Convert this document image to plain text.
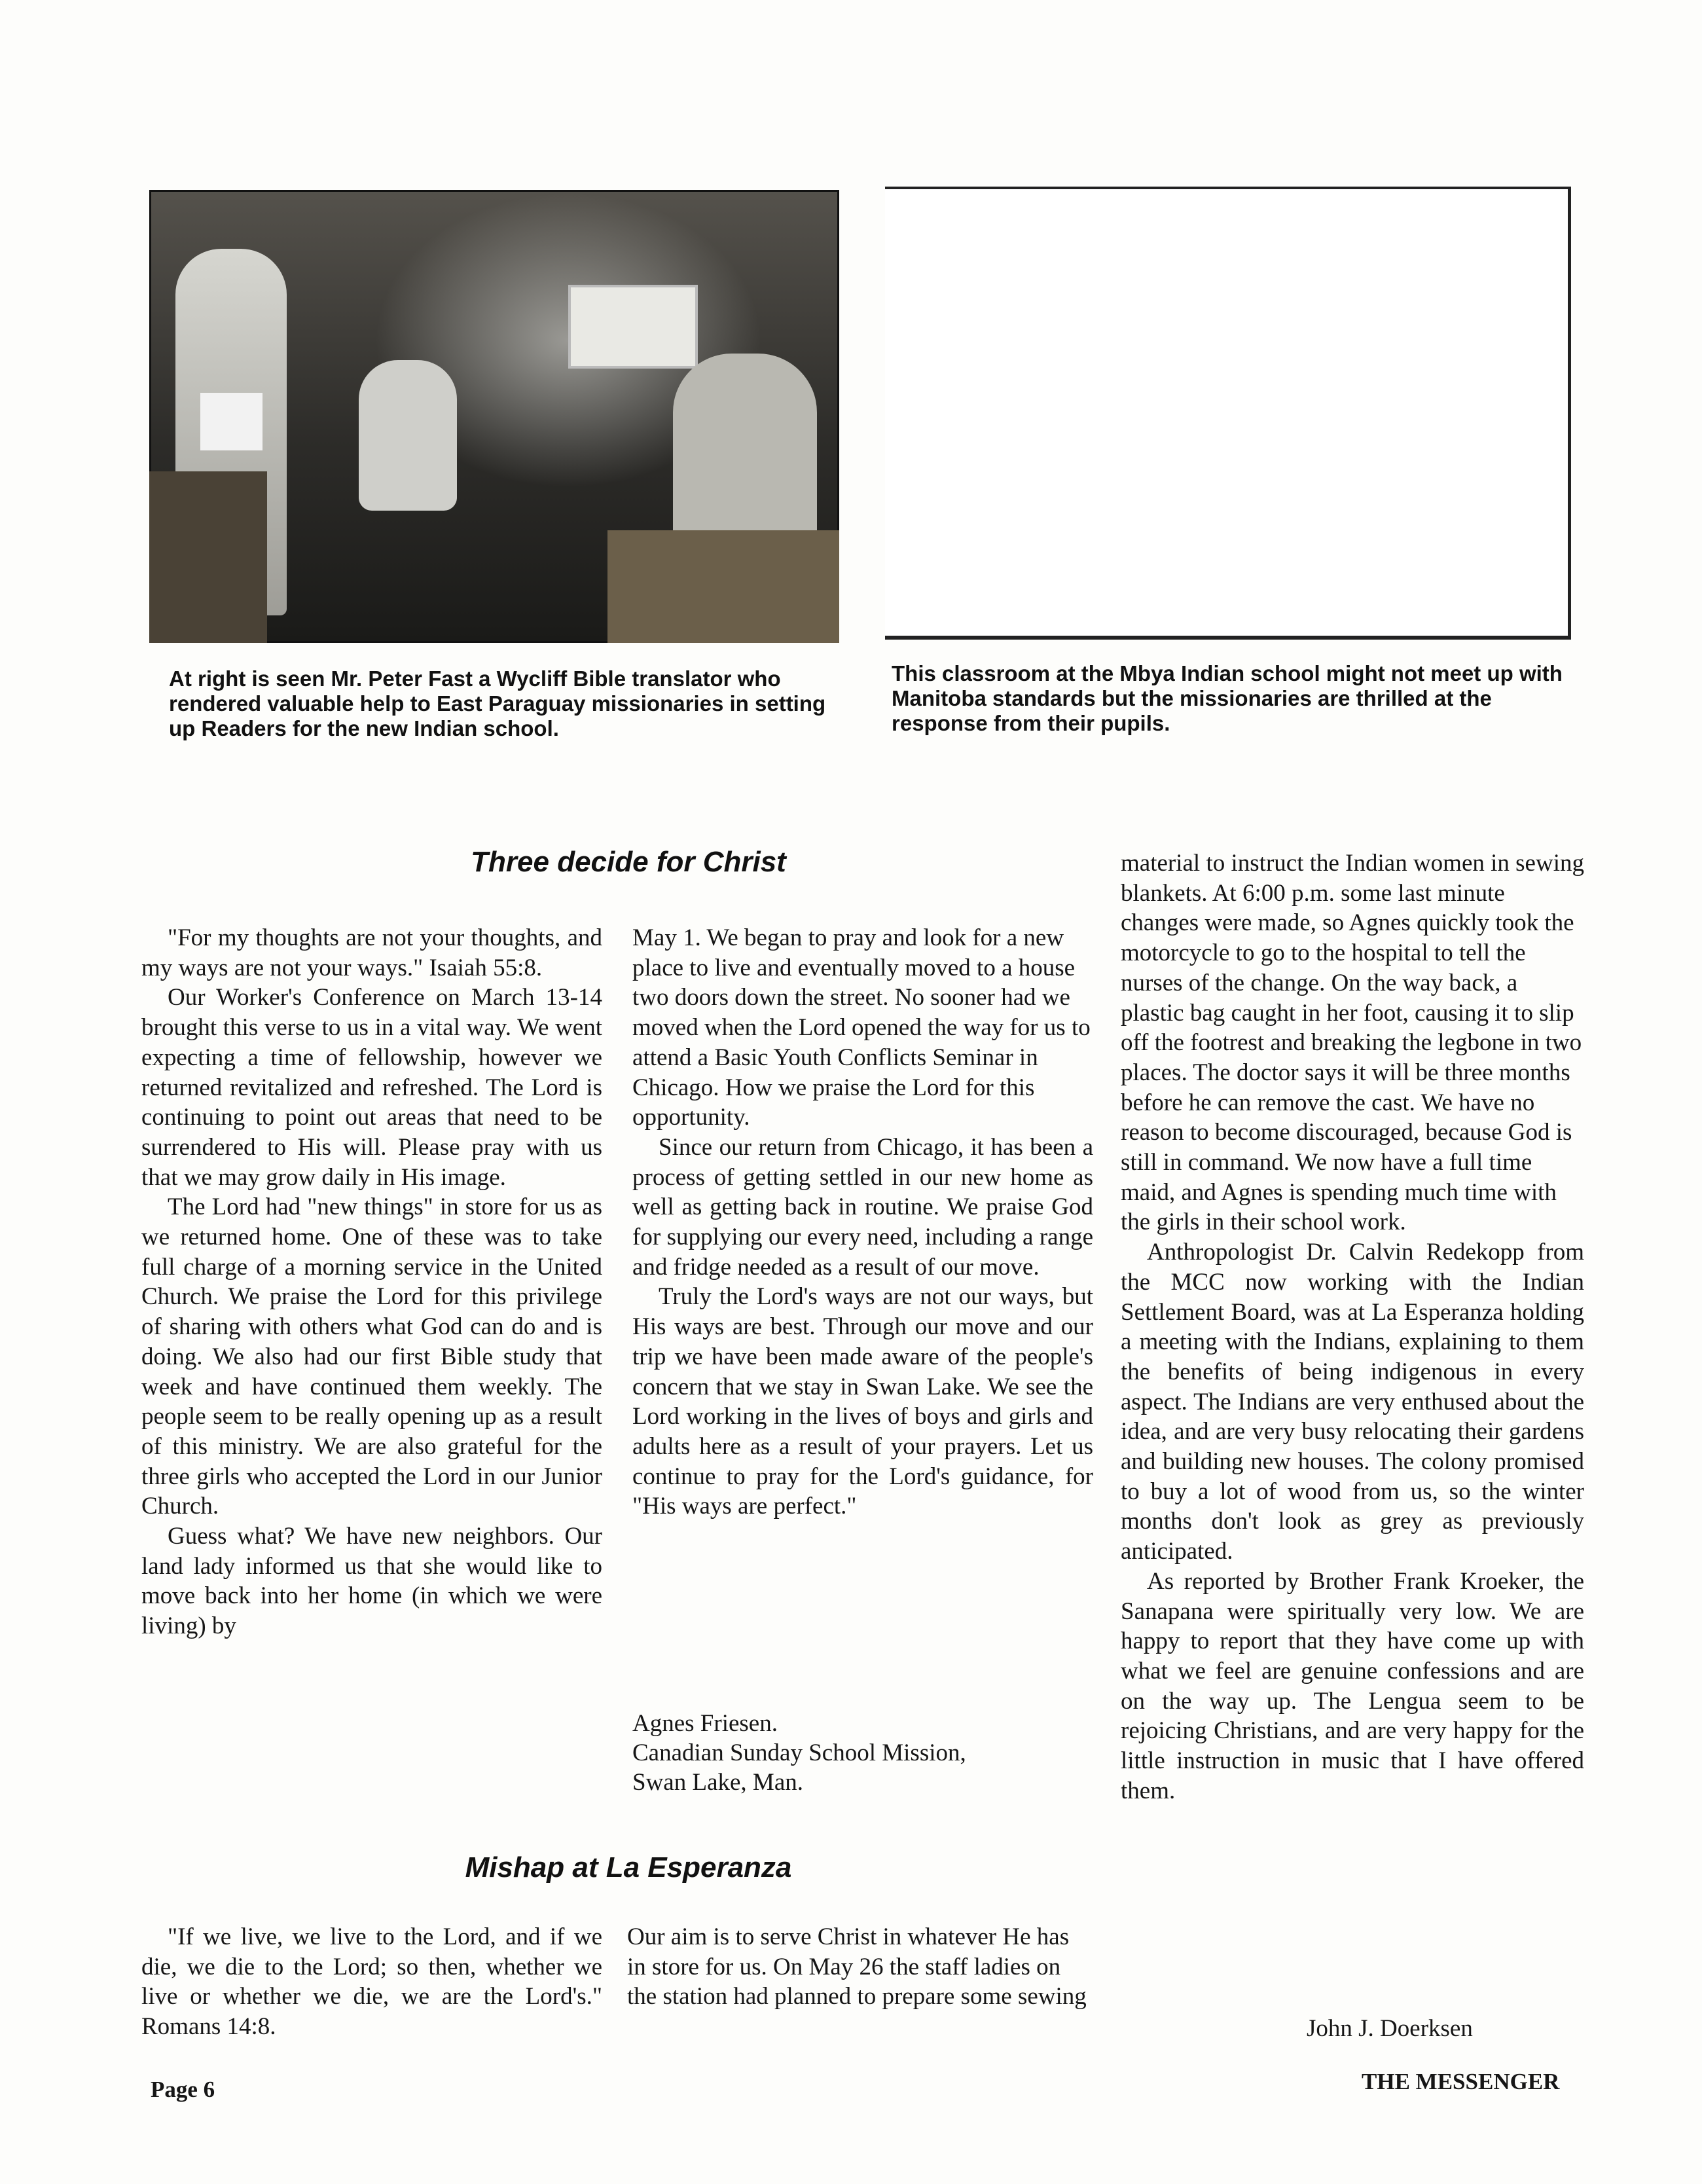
At right is seen Mr. Peter Fast a Wycliff Bible translator who rendered valuable help to East Paraguay missionaries in setting up Readers for the new Indian school.
This classroom at the Mbya Indian school might not meet up with Manitoba standards but the missionaries are thrilled at the response from their pupils.
Three decide for Christ

"For my thoughts are not your thoughts, and my ways are not your ways." Isaiah 55:8.

Our Worker's Conference on March 13-14 brought this verse to us in a vital way. We went expecting a time of fellowship, however we returned revitalized and refreshed. The Lord is continuing to point out areas that need to be surrendered to His will. Please pray with us that we may grow daily in His image.

The Lord had "new things" in store for us as we returned home. One of these was to take full charge of a morning service in the United Church. We praise the Lord for this privilege of sharing with others what God can do and is doing. We also had our first Bible study that week and have continued them weekly. The people seem to be really opening up as a result of this ministry. We are also grateful for the three girls who accepted the Lord in our Junior Church.

Guess what? We have new neighbors. Our land lady informed us that she would like to move back into her home (in which we were living) by

May 1. We began to pray and look for a new place to live and eventually moved to a house two doors down the street. No sooner had we moved when the Lord opened the way for us to attend a Basic Youth Conflicts Seminar in Chicago. How we praise the Lord for this opportunity.

Since our return from Chicago, it has been a process of getting settled in our new home as well as getting back in routine. We praise God for supplying our every need, including a range and fridge needed as a result of our move.

Truly the Lord's ways are not our ways, but His ways are best. Through our move and our trip we have been made aware of the people's concern that we stay in Swan Lake. We see the Lord working in the lives of boys and girls and adults here as a result of your prayers. Let us continue to pray for the Lord's guidance, for "His ways are perfect."

Agnes Friesen.
Canadian Sunday School Mission,
Swan Lake, Man.
Mishap at La Esperanza

"If we live, we live to the Lord, and if we die, we die to the Lord; so then, whether we live or whether we die, we are the Lord's." Romans 14:8.

Our aim is to serve Christ in whatever He has in store for us. On May 26 the staff ladies on the station had planned to prepare some sewing

material to instruct the Indian women in sewing blankets. At 6:00 p.m. some last minute changes were made, so Agnes quickly took the motorcycle to go to the hospital to tell the nurses of the change. On the way back, a plastic bag caught in her foot, causing it to slip off the footrest and breaking the legbone in two places. The doctor says it will be three months before he can remove the cast. We have no reason to become discouraged, because God is still in command. We now have a full time maid, and Agnes is spending much time with the girls in their school work.

Anthropologist Dr. Calvin Redekopp from the MCC now working with the Indian Settlement Board, was at La Esperanza holding a meeting with the Indians, explaining to them the benefits of being indigenous in every aspect. The Indians are very enthused about the idea, and are very busy relocating their gardens and building new houses. The colony promised to buy a lot of wood from us, so the winter months don't look as grey as previously anticipated.

As reported by Brother Frank Kroeker, the Sanapana were spiritually very low. We are happy to report that they have come up with what we feel are genuine confessions and are on the way up. The Lengua seem to be rejoicing Christians, and are very happy for the little instruction in music that I have offered them.

John J. Doerksen
Page 6	THE MESSENGER
